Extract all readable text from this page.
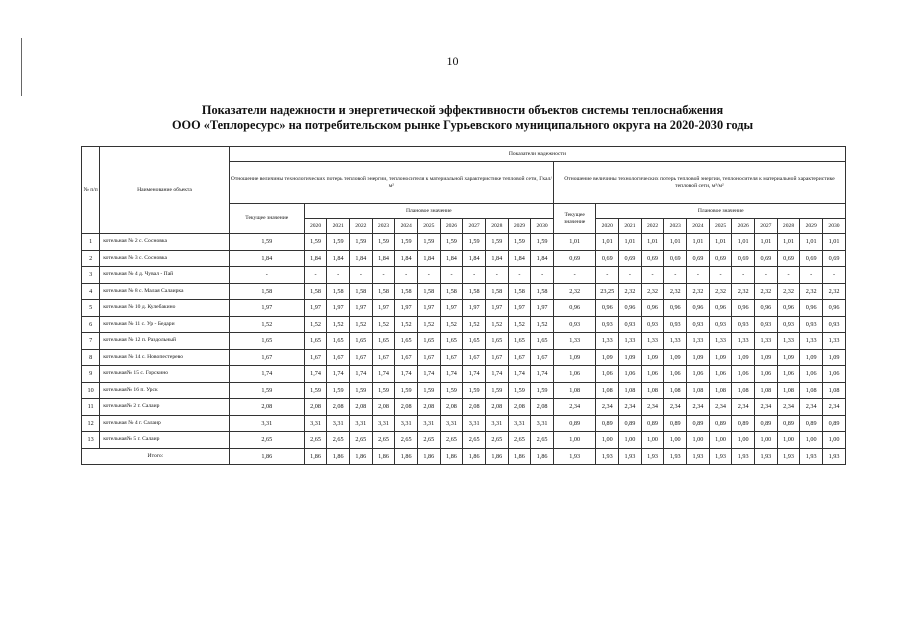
10
Показатели надежности и энергетической эффективности объектов системы теплоснабжения
ООО «Теплоресурс» на потребительском рынке Гурьевского муниципального округа на 2020-2030 годы
№ п/п	Наименование объекта	Показатели надежности																							
		Отношение величины технологических потерь тепловой энергии, теплоносителя к материальной характеристике тепловой сети, Гкал/м²												Отношение величины технологических потерь тепловой энергии, теплоносителя к материальной характеристике тепловой сети, м³/м²											
		Текущее значение	Плановое значение											Текущее значение	Плановое значение										
			2020	2021	2022	2023	2024	2025	2026	2027	2028	2029	2030		2020	2021	2022	2023	2024	2025	2026	2027	2028	2029	2030
1	котельная № 2 с. Сосновка	1,59	1,59	1,59	1,59	1,59	1,59	1,59	1,59	1,59	1,59	1,59	1,59	1,01	1,01	1,01	1,01	1,01	1,01	1,01	1,01	1,01	1,01	1,01	1,01
2	котельная № 3 с. Сосновка	1,84	1,84	1,84	1,84	1,84	1,84	1,84	1,84	1,84	1,84	1,84	1,84	0,69	0,69	0,69	0,69	0,69	0,69	0,69	0,69	0,69	0,69	0,69	0,69
3	котельная № 4 д. Чувал - Пай	-	-	-	-	-	-	-	-	-	-	-	-	-	-	-	-	-	-	-	-	-	-	-	-
4	котельная № 8 с. Малая Салаирка	1,58	1,58	1,58	1,58	1,58	1,58	1,58	1,58	1,58	1,58	1,58	1,58	2,32	23,25	2,32	2,32	2,32	2,32	2,32	2,32	2,32	2,32	2,32	2,32
5	котельная № 10 д. Кулебакино	1,97	1,97	1,97	1,97	1,97	1,97	1,97	1,97	1,97	1,97	1,97	1,97	0,96	0,96	0,96	0,96	0,96	0,96	0,96	0,96	0,96	0,96	0,96	0,96
6	котельная № 11 с. Ур - Бедари	1,52	1,52	1,52	1,52	1,52	1,52	1,52	1,52	1,52	1,52	1,52	1,52	0,93	0,93	0,93	0,93	0,93	0,93	0,93	0,93	0,93	0,93	0,93	0,93
7	котельная № 12 п. Раздольный	1,65	1,65	1,65	1,65	1,65	1,65	1,65	1,65	1,65	1,65	1,65	1,65	1,33	1,33	1,33	1,33	1,33	1,33	1,33	1,33	1,33	1,33	1,33	1,33
8	котельная № 14 с. Новопестерево	1,67	1,67	1,67	1,67	1,67	1,67	1,67	1,67	1,67	1,67	1,67	1,67	1,09	1,09	1,09	1,09	1,09	1,09	1,09	1,09	1,09	1,09	1,09	1,09
9	котельная№ 15 с. Горскино	1,74	1,74	1,74	1,74	1,74	1,74	1,74	1,74	1,74	1,74	1,74	1,74	1,06	1,06	1,06	1,06	1,06	1,06	1,06	1,06	1,06	1,06	1,06	1,06
10	котельная№ 16 п. Урск	1,59	1,59	1,59	1,59	1,59	1,59	1,59	1,59	1,59	1,59	1,59	1,59	1,08	1,08	1,08	1,08	1,08	1,08	1,08	1,08	1,08	1,08	1,08	1,08
11	котельная№ 2 г. Салаир	2,08	2,08	2,08	2,08	2,08	2,08	2,08	2,08	2,08	2,08	2,08	2,08	2,34	2,34	2,34	2,34	2,34	2,34	2,34	2,34	2,34	2,34	2,34	2,34
12	котельная № 4 г. Салаир	3,31	3,31	3,31	3,31	3,31	3,31	3,31	3,31	3,31	3,31	3,31	3,31	0,89	0,89	0,89	0,89	0,89	0,89	0,89	0,89	0,89	0,89	0,89	0,89
13	котельная№ 5 г. Салаир	2,65	2,65	2,65	2,65	2,65	2,65	2,65	2,65	2,65	2,65	2,65	2,65	1,00	1,00	1,00	1,00	1,00	1,00	1,00	1,00	1,00	1,00	1,00	1,00
Итого:		1,86	1,86	1,86	1,86	1,86	1,86	1,86	1,86	1,86	1,86	1,86	1,86	1,93	1,93	1,93	1,93	1,93	1,93	1,93	1,93	1,93	1,93	1,93	1,93
